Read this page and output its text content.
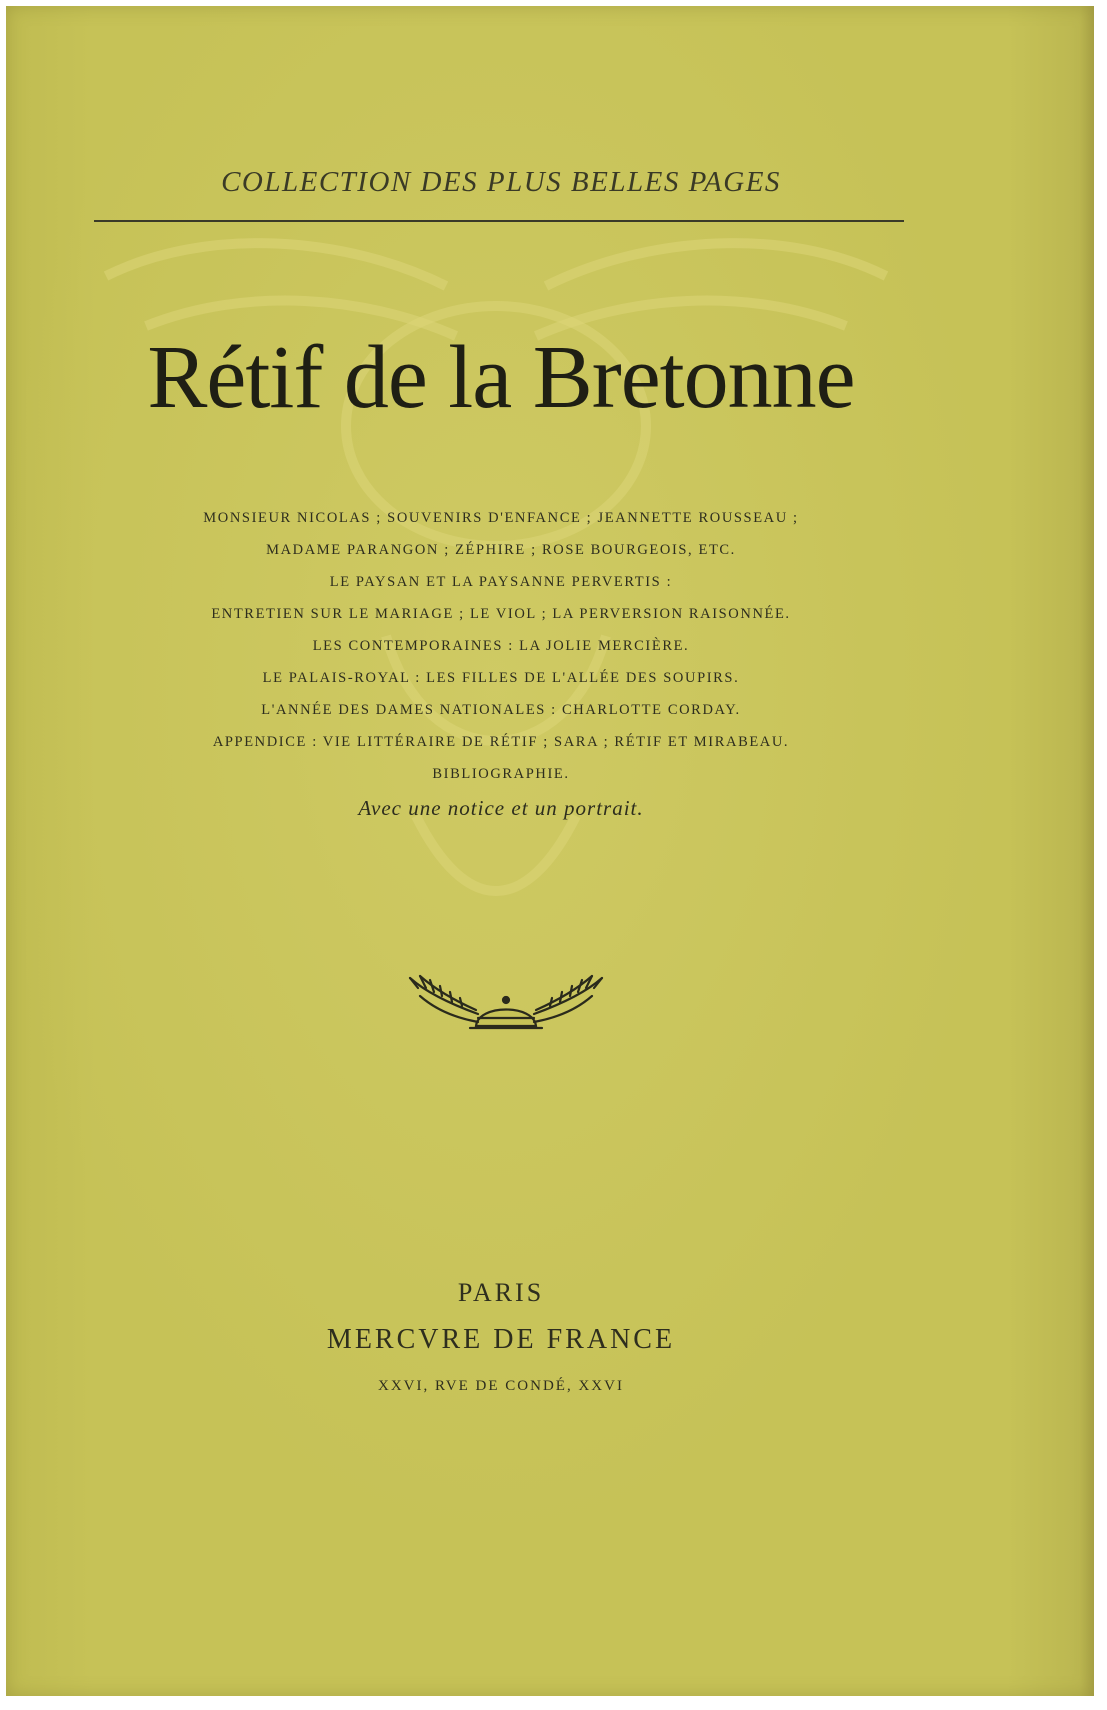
COLLECTION DES PLUS BELLES PAGES
Rétif de la Bretonne
MONSIEUR NICOLAS ; SOUVENIRS D'ENFANCE ; JEANNETTE ROUSSEAU ;
MADAME PARANGON ; ZÉPHIRE ; ROSE BOURGEOIS, ETC.
LE PAYSAN ET LA PAYSANNE PERVERTIS :
ENTRETIEN SUR LE MARIAGE ; LE VIOL ; LA PERVERSION RAISONNÉE.
LES CONTEMPORAINES : LA JOLIE MERCIÈRE.
LE PALAIS-ROYAL : LES FILLES DE L'ALLÉE DES SOUPIRS.
L'ANNÉE DES DAMES NATIONALES : CHARLOTTE CORDAY.
APPENDICE : VIE LITTÉRAIRE DE RÉTIF ; SARA ; RÉTIF ET MIRABEAU.
BIBLIOGRAPHIE.
Avec une notice et un portrait.
PARIS
MERCVRE DE FRANCE
XXVI, RVE DE CONDÉ, XXVI
